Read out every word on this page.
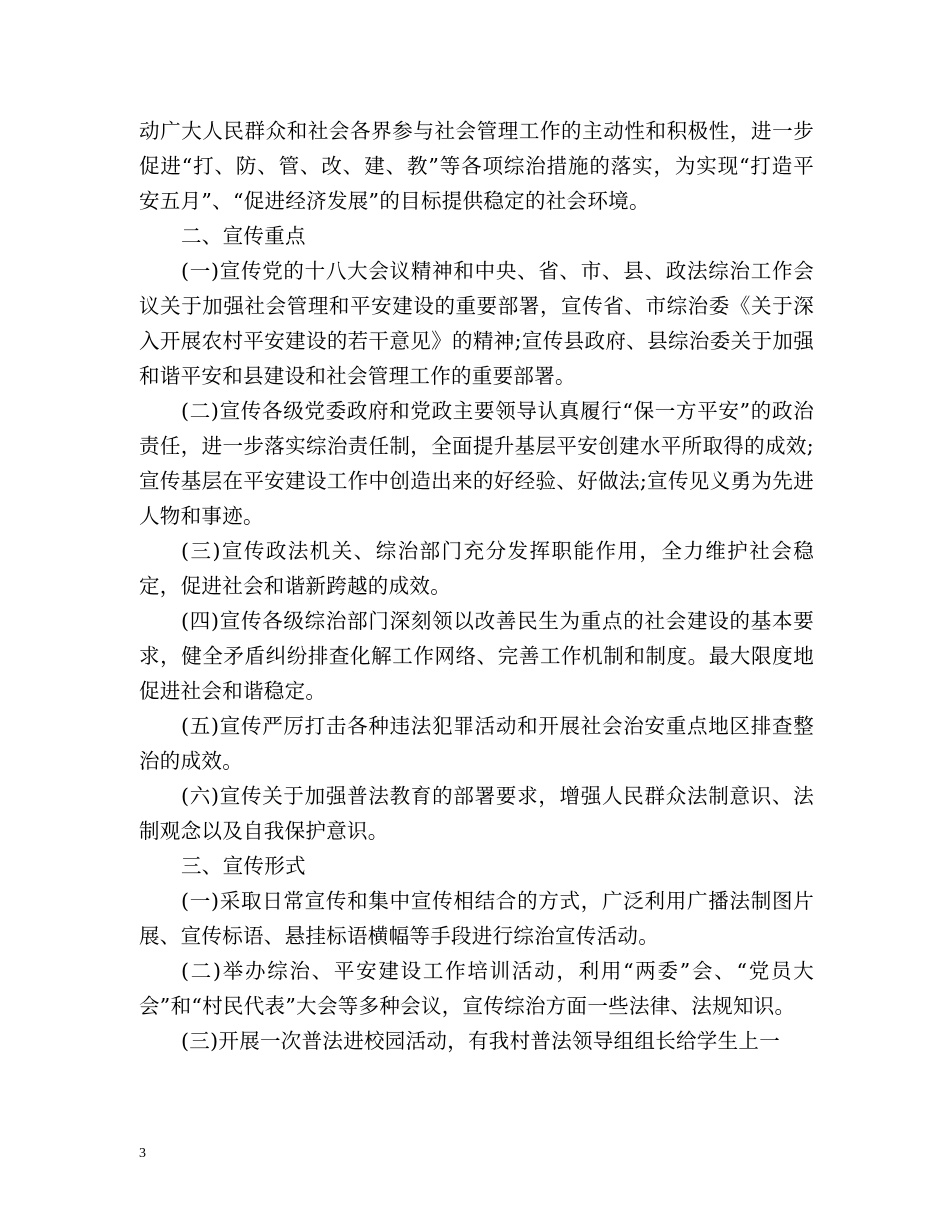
动广大人民群众和社会各界参与社会管理工作的主动性和积极性，进一步促进“打、防、管、改、建、教”等各项综治措施的落实，为实现“打造平安五月”、“促进经济发展”的目标提供稳定的社会环境。

二、宣传重点

(一)宣传党的十八大会议精神和中央、省、市、县、政法综治工作会议关于加强社会管理和平安建设的重要部署，宣传省、市综治委《关于深入开展农村平安建设的若干意见》的精神;宣传县政府、县综治委关于加强和谐平安和县建设和社会管理工作的重要部署。

(二)宣传各级党委政府和党政主要领导认真履行“保一方平安”的政治责任，进一步落实综治责任制，全面提升基层平安创建水平所取得的成效;宣传基层在平安建设工作中创造出来的好经验、好做法;宣传见义勇为先进人物和事迹。

(三)宣传政法机关、综治部门充分发挥职能作用，全力维护社会稳定，促进社会和谐新跨越的成效。

(四)宣传各级综治部门深刻领以改善民生为重点的社会建设的基本要求，健全矛盾纠纷排查化解工作网络、完善工作机制和制度。最大限度地促进社会和谐稳定。

(五)宣传严厉打击各种违法犯罪活动和开展社会治安重点地区排查整治的成效。

(六)宣传关于加强普法教育的部署要求，增强人民群众法制意识、法制观念以及自我保护意识。

三、宣传形式

(一)采取日常宣传和集中宣传相结合的方式，广泛利用广播法制图片展、宣传标语、悬挂标语横幅等手段进行综治宣传活动。

(二)举办综治、平安建设工作培训活动，利用“两委”会、“党员大会”和“村民代表”大会等多种会议，宣传综治方面一些法律、法规知识。

(三)开展一次普法进校园活动，有我村普法领导组组长给学生上一

3
